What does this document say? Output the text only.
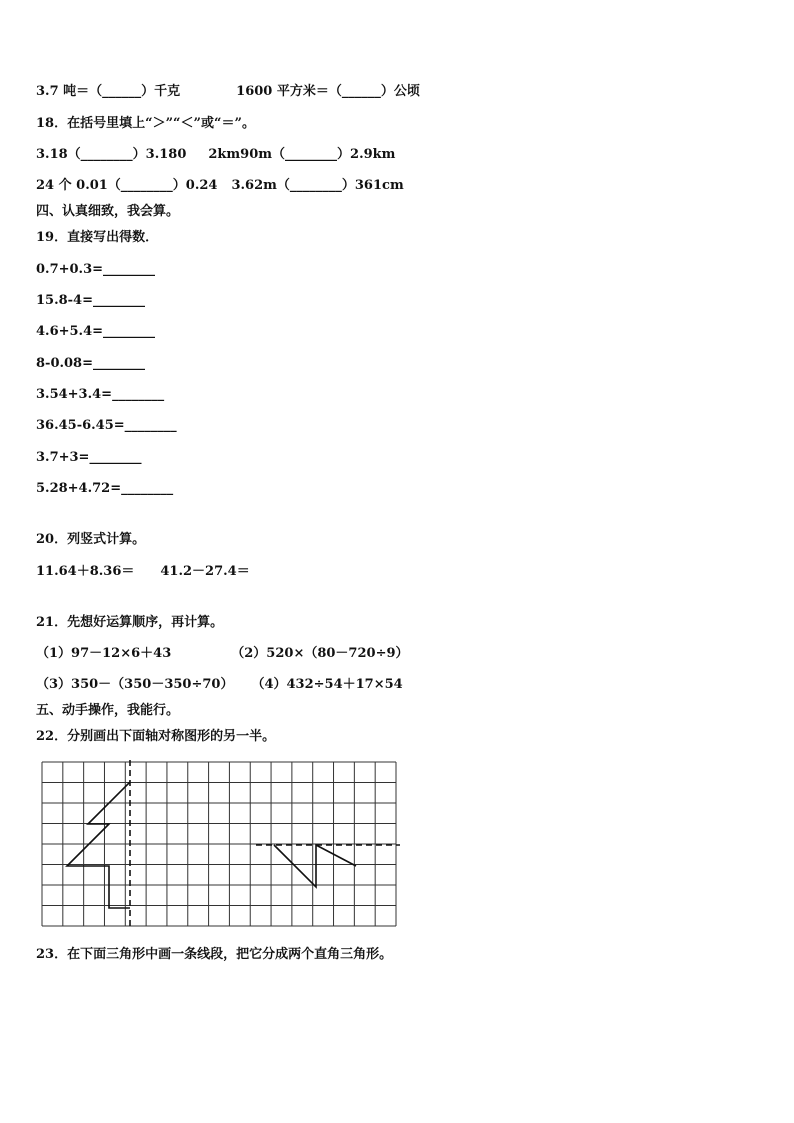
3.7 吨＝（______）千克	1600 平方米＝（______）公顷
18．在括号里填上“＞”“＜”或“＝”。
3.18（________）3.180 2km90m（________）2.9km
24 个 0.01（________）0.24 3.62m（________）361cm
四、认真细致，我会算。
19．直接写出得数．
0.7+0.3=________
15.8-4=________
4.6+5.4=________
8-0.08=________
3.54+3.4=________
36.45-6.45=________
3.7+3=________
5.28+4.72=________
20．列竖式计算。
11.64＋8.36＝ 41.2－27.4＝
21．先想好运算顺序，再计算。
（1）97－12×6＋43	（2）520×（80－720÷9）
（3）350－（350－350÷70） （4）432÷54＋17×54
五、动手操作，我能行。
22．分别画出下面轴对称图形的另一半。
23．在下面三角形中画一条线段，把它分成两个直角三角形。
